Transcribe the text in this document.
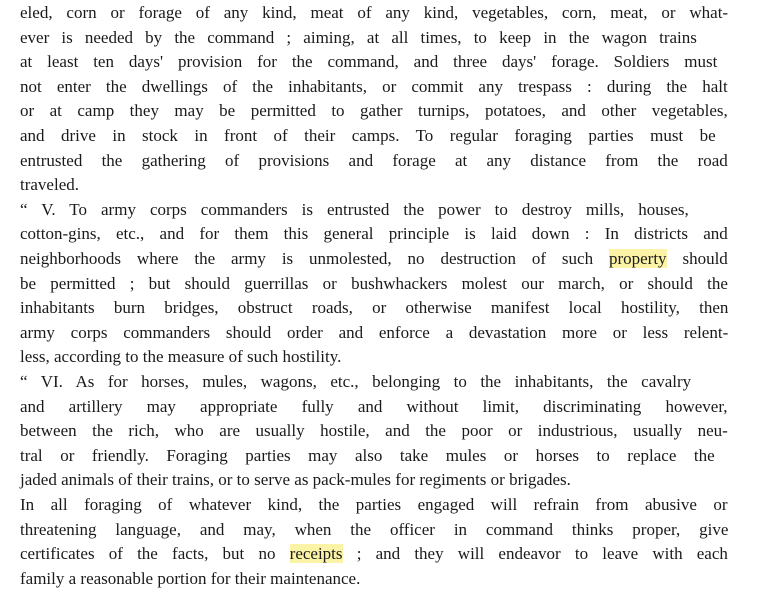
eled, corn or forage of any kind, meat of any kind, vegetables, corn, meat, or what-
ever is needed by the command ; aiming, at all times, to keep in the wagon trains
at least ten days' provision for the command, and three days' forage. Soldiers must
not enter the dwellings of the inhabitants, or commit any trespass : during the halt
or at camp they may be permitted to gather turnips, potatoes, and other vegetables,
and drive in stock in front of their camps. To regular foraging parties must be
entrusted the gathering of provisions and forage at any distance from the road
traveled.
“ V. To army corps commanders is entrusted the power to destroy mills, houses,
cotton-gins, etc., and for them this general principle is laid down : In districts and
neighborhoods where the army is unmolested, no destruction of such property should
be permitted ; but should guerrillas or bushwhackers molest our march, or should the
inhabitants burn bridges, obstruct roads, or otherwise manifest local hostility, then
army corps commanders should order and enforce a devastation more or less relent-
less, according to the measure of such hostility.
“ VI. As for horses, mules, wagons, etc., belonging to the inhabitants, the cavalry
and artillery may appropriate fully and without limit, discriminating however,
between the rich, who are usually hostile, and the poor or industrious, usually neu-
tral or friendly. Foraging parties may also take mules or horses to replace the
jaded animals of their trains, or to serve as pack-mules for regiments or brigades.
In all foraging of whatever kind, the parties engaged will refrain from abusive or
threatening language, and may, when the officer in command thinks proper, give
certificates of the facts, but no receipts ; and they will endeavor to leave with each
family a reasonable portion for their maintenance.
